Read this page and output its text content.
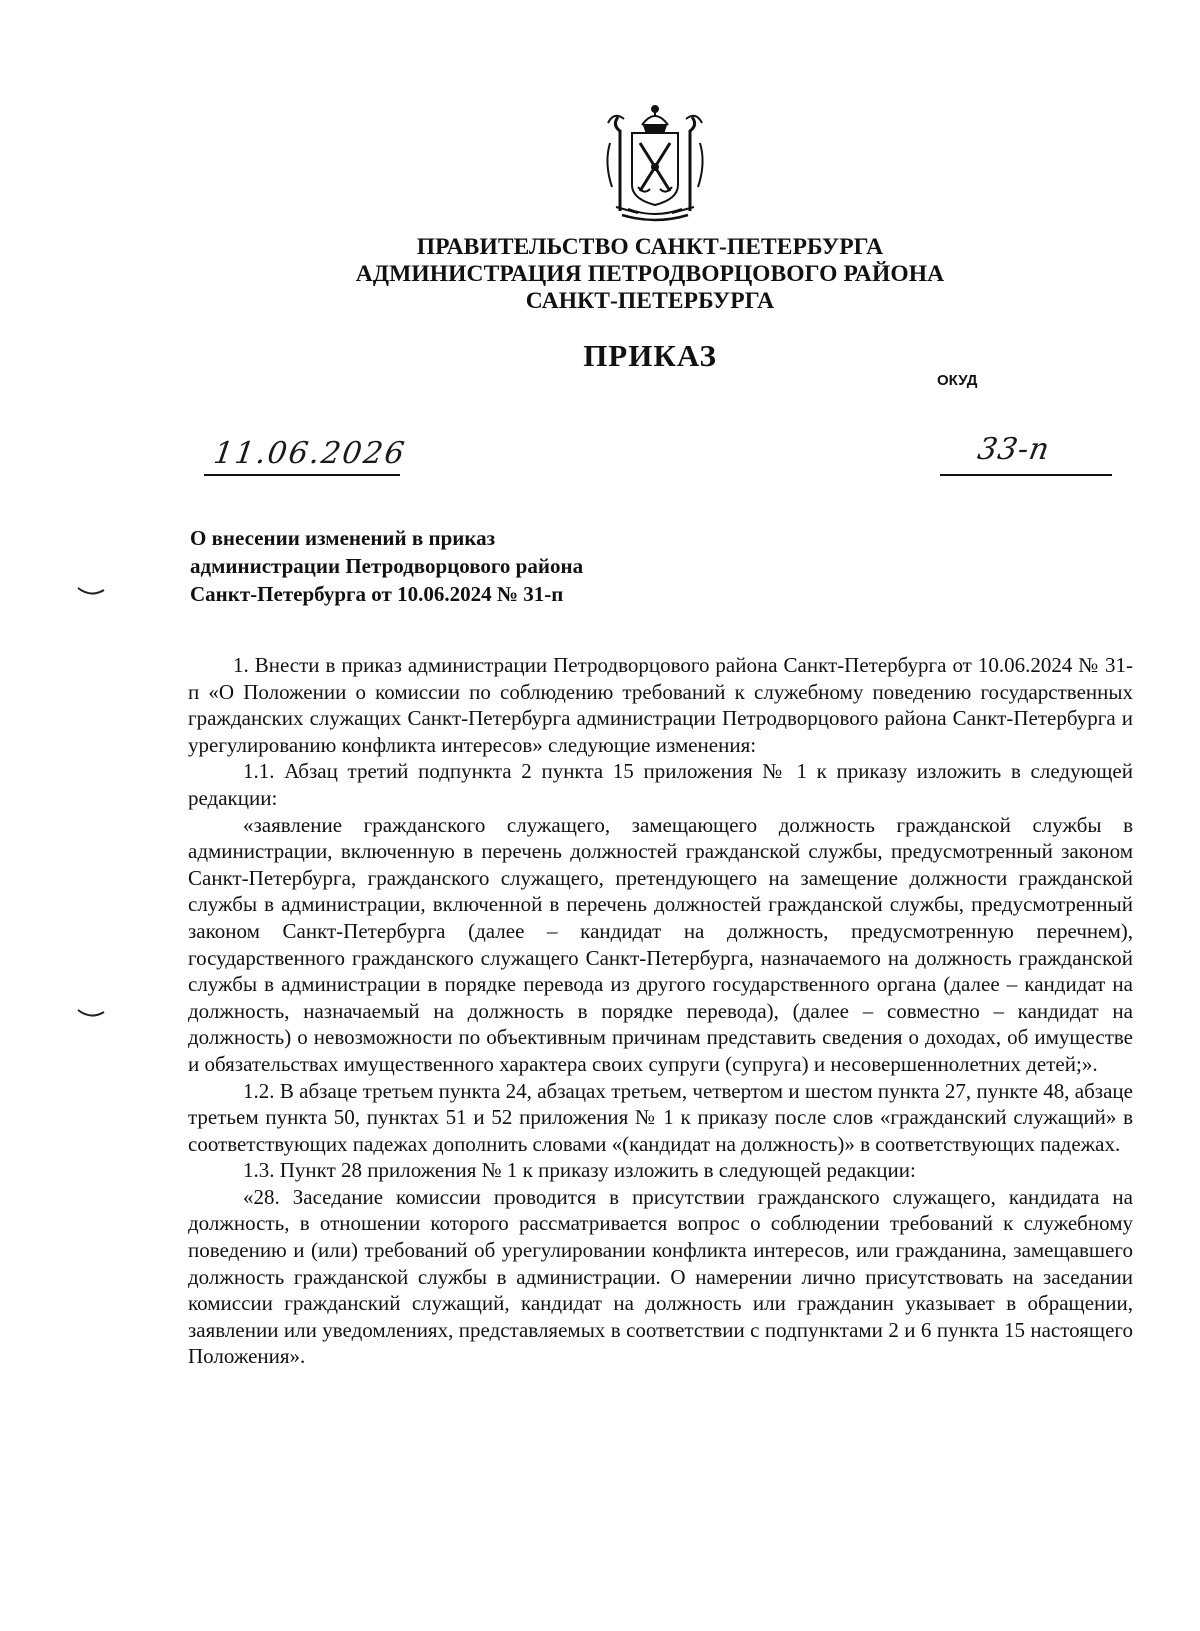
ПРАВИТЕЛЬСТВО САНКТ-ПЕТЕРБУРГА
АДМИНИСТРАЦИЯ ПЕТРОДВОРЦОВОГО РАЙОНА
САНКТ-ПЕТЕРБУРГА
ПРИКАЗ
ОКУД
11.06.2026	33-п
О внесении изменений в приказ
администрации Петродворцового района
Санкт-Петербурга от 10.06.2024 № 31-п

1. Внести в приказ администрации Петродворцового района Санкт-Петербурга от 10.06.2024 № 31-п «О Положении о комиссии по соблюдению требований к служебному поведению государственных гражданских служащих Санкт-Петербурга администрации Петродворцового района Санкт-Петербурга и урегулированию конфликта интересов» следующие изменения:

1.1. Абзац третий подпункта 2 пункта 15 приложения № 1 к приказу изложить в следующей редакции:

«заявление гражданского служащего, замещающего должность гражданской службы в администрации, включенную в перечень должностей гражданской службы, предусмотренный законом Санкт-Петербурга, гражданского служащего, претендующего на замещение должности гражданской службы в администрации, включенной в перечень должностей гражданской службы, предусмотренный законом Санкт-Петербурга (далее – кандидат на должность, предусмотренную перечнем), государственного гражданского служащего Санкт-Петербурга, назначаемого на должность гражданской службы в администрации в порядке перевода из другого государственного органа (далее – кандидат на должность, назначаемый на должность в порядке перевода), (далее – совместно – кандидат на должность) о невозможности по объективным причинам представить сведения о доходах, об имуществе и обязательствах имущественного характера своих супруги (супруга) и несовершеннолетних детей;».

1.2. В абзаце третьем пункта 24, абзацах третьем, четвертом и шестом пункта 27, пункте 48, абзаце третьем пункта 50, пунктах 51 и 52 приложения № 1 к приказу после слов «гражданский служащий» в соответствующих падежах дополнить словами «(кандидат на должность)» в соответствующих падежах.

1.3. Пункт 28 приложения № 1 к приказу изложить в следующей редакции:

«28. Заседание комиссии проводится в присутствии гражданского служащего, кандидата на должность, в отношении которого рассматривается вопрос о соблюдении требований к служебному поведению и (или) требований об урегулировании конфликта интересов, или гражданина, замещавшего должность гражданской службы в администрации. О намерении лично присутствовать на заседании комиссии гражданский служащий, кандидат на должность или гражданин указывает в обращении, заявлении или уведомлениях, представляемых в соответствии с подпунктами 2 и 6 пункта 15 настоящего Положения».
